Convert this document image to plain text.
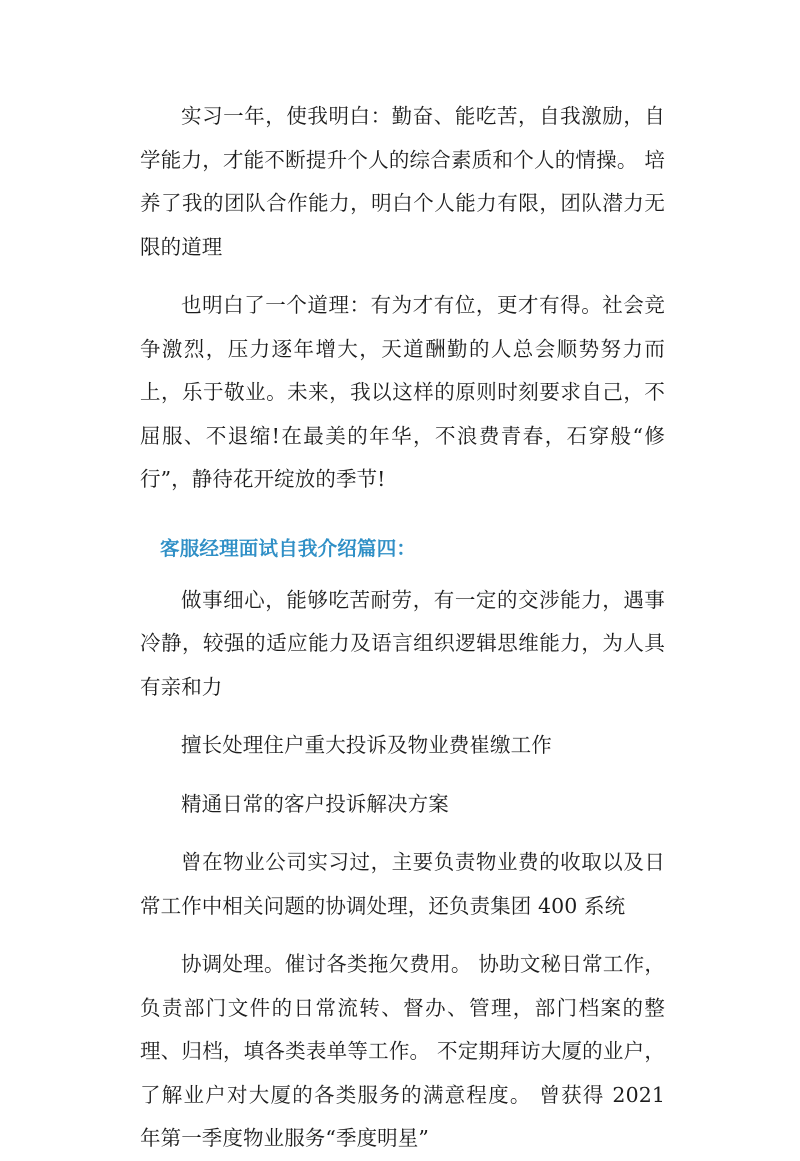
实习一年，使我明白：勤奋、能吃苦，自我激励，自学能力，才能不断提升个人的综合素质和个人的情操。 培养了我的团队合作能力，明白个人能力有限，团队潜力无限的道理

也明白了一个道理：有为才有位，更才有得。社会竞争激烈，压力逐年增大，天道酬勤的人总会顺势努力而上，乐于敬业。未来，我以这样的原则时刻要求自己，不屈服、不退缩!在最美的年华，不浪费青春，石穿般“修行”，静待花开绽放的季节!

客服经理面试自我介绍篇四：

做事细心，能够吃苦耐劳，有一定的交涉能力，遇事冷静，较强的适应能力及语言组织逻辑思维能力，为人具有亲和力

擅长处理住户重大投诉及物业费崔缴工作

精通日常的客户投诉解决方案

曾在物业公司实习过，主要负责物业费的收取以及日常工作中相关问题的协调处理，还负责集团 400 系统

协调处理。催讨各类拖欠费用。 协助文秘日常工作，负责部门文件的日常流转、督办、管理，部门档案的整理、归档，填各类表单等工作。 不定期拜访大厦的业户，了解业户对大厦的各类服务的满意程度。 曾获得 2021 年第一季度物业服务“季度明星”
